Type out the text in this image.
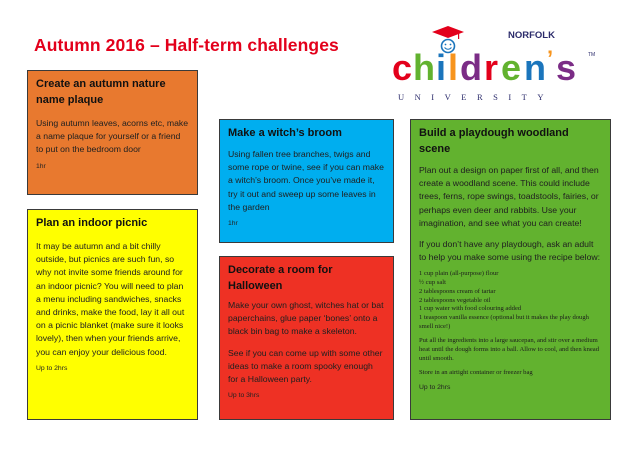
Autumn 2016 – Half-term challenges	NORFOLK
c h i l d r e n ’ s TM
UNIVERSITY
Create an autumn nature name plaque

Using autumn leaves, acorns etc, make a name plaque for yourself or a friend to put on the bedroom door

1hr
Plan an indoor picnic

It may be autumn and a bit chilly outside, but picnics are such fun, so why not invite some friends around for an indoor picnic? You will need to plan a menu including sandwiches, snacks and drinks, make the food, lay it all out on a picnic blanket (make sure it looks lovely), then when your friends arrive, you can enjoy your delicious food.

Up to 2hrs
Make a witch’s broom

Using fallen tree branches, twigs and some rope or twine, see if you can make a witch’s broom. Once you’ve made it, try it out and sweep up some leaves in the garden

1hr
Decorate a room for Halloween

Make your own ghost, witches hat or bat paperchains, glue paper ‘bones’ onto a black bin bag to make a skeleton.

See if you can come up with some other ideas to make a room spooky enough for a Halloween party.

Up to 3hrs
Build a playdough woodland scene

Plan out a design on paper first of all, and then create a woodland scene. This could include trees, ferns, rope swings, toadstools, fairies, or perhaps even deer and rabbits. Use your imagination, and see what you can create!

If you don’t have any playdough, ask an adult to help you make some using the recipe below:

1 cup plain (all-purpose) flour
½ cup salt
2 tablespoons cream of tartar
2 tablespoons vegetable oil
1 cup water with food colouring added
1 teaspoon vanilla essence (optional but it makes the play dough smell nice!)
Put all the ingredients into a large saucepan, and stir over a medium heat until the dough forms into a ball. Allow to cool, and then knead until smooth.
Store in an airtight container or freezer bag
Up to 2hrs
